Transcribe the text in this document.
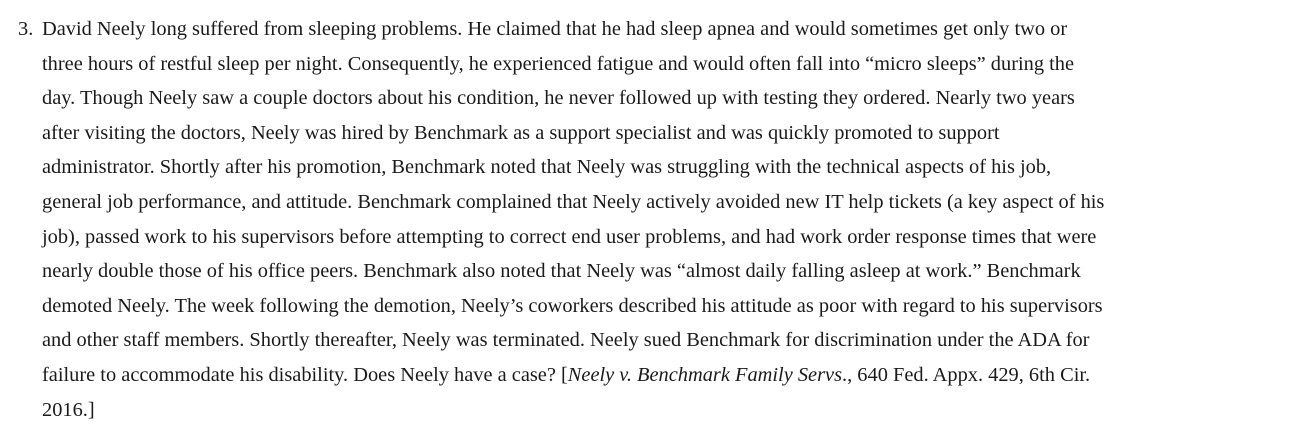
3. David Neely long suffered from sleeping problems. He claimed that he had sleep apnea and would sometimes get only two or
three hours of restful sleep per night. Consequently, he experienced fatigue and would often fall into “micro sleeps” during the
day. Though Neely saw a couple doctors about his condition, he never followed up with testing they ordered. Nearly two years
after visiting the doctors, Neely was hired by Benchmark as a support specialist and was quickly promoted to support
administrator. Shortly after his promotion, Benchmark noted that Neely was struggling with the technical aspects of his job,
general job performance, and attitude. Benchmark complained that Neely actively avoided new IT help tickets (a key aspect of his
job), passed work to his supervisors before attempting to correct end user problems, and had work order response times that were
nearly double those of his office peers. Benchmark also noted that Neely was “almost daily falling asleep at work.” Benchmark
demoted Neely. The week following the demotion, Neely’s coworkers described his attitude as poor with regard to his supervisors
and other staff members. Shortly thereafter, Neely was terminated. Neely sued Benchmark for discrimination under the ADA for
failure to accommodate his disability. Does Neely have a case? [Neely v. Benchmark Family Servs., 640 Fed. Appx. 429, 6th Cir.
2016.]
